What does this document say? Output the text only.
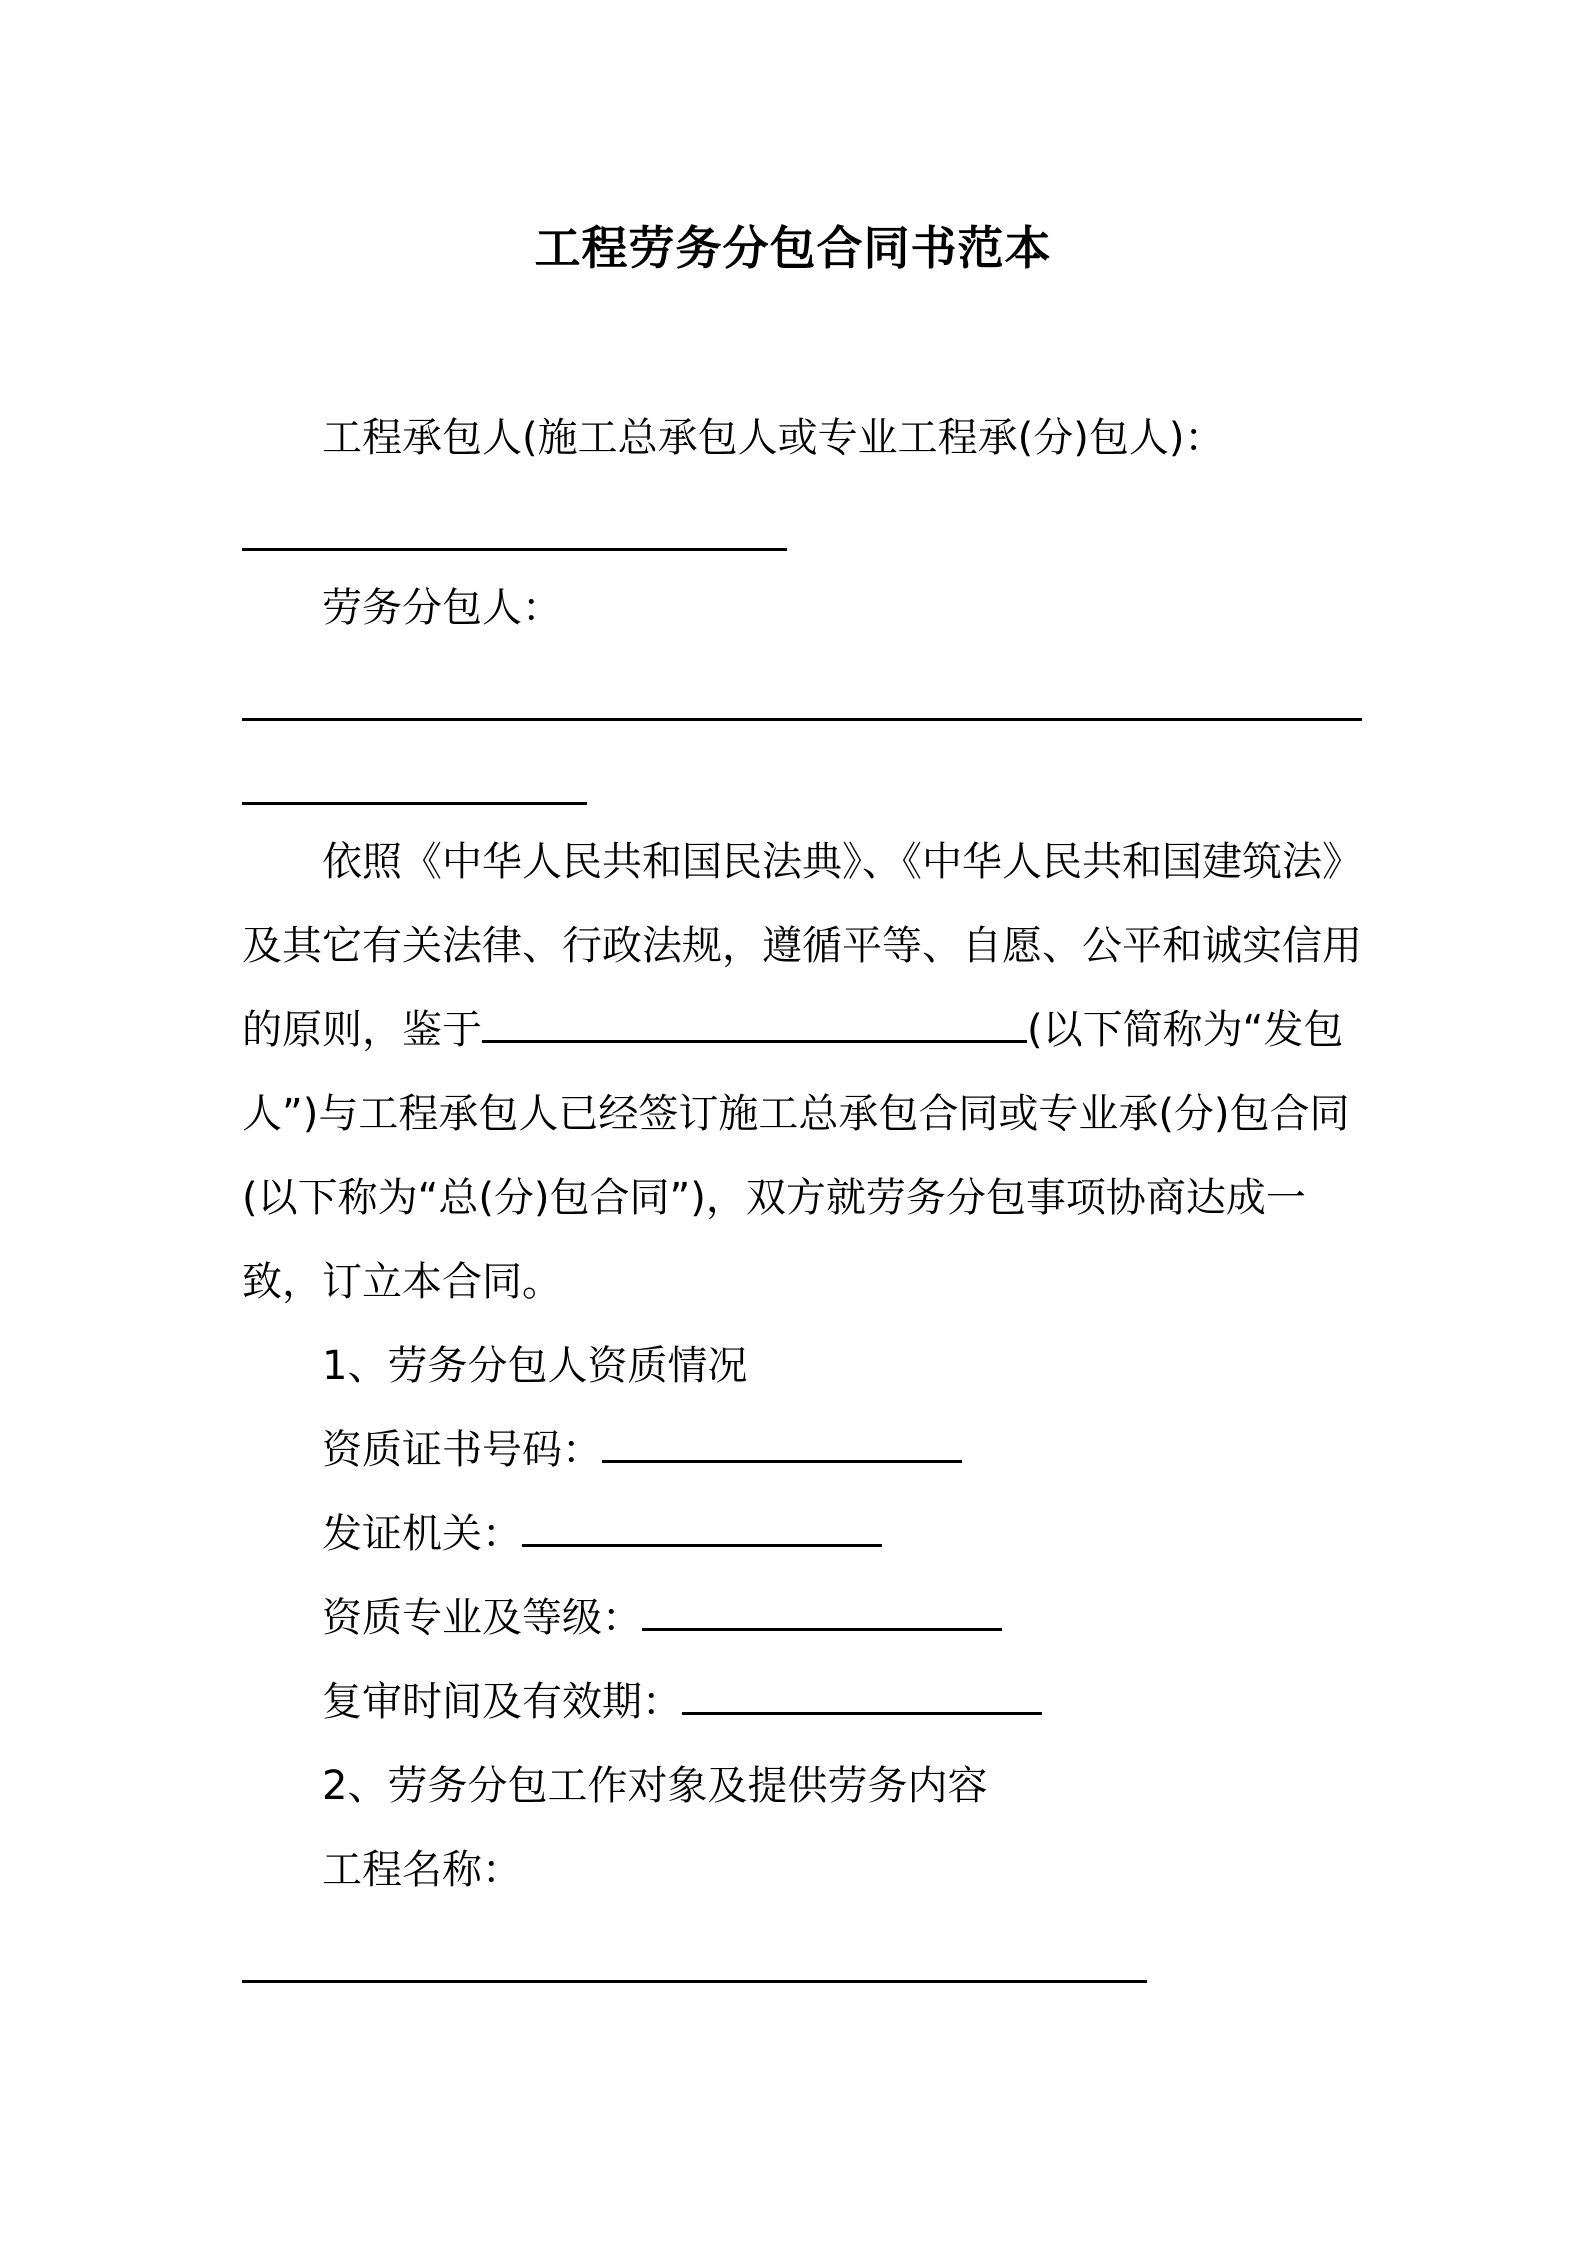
工程劳务分包合同书范本
工程承包人(施工总承包人或专业工程承(分)包人)：
劳务分包人：
依照《中华人民共和国民法典》、《中华人民共和国建筑法》
及其它有关法律、行政法规，遵循平等、自愿、公平和诚实信用
的原则，鉴于	(以下简称为“发包
人”)与工程承包人已经签订施工总承包合同或专业承(分)包合同
(以下称为“总(分)包合同”)，双方就劳务分包事项协商达成一
致，订立本合同。
1、劳务分包人资质情况
资质证书号码：
发证机关：
资质专业及等级：
复审时间及有效期：
2、劳务分包工作对象及提供劳务内容
工程名称：
